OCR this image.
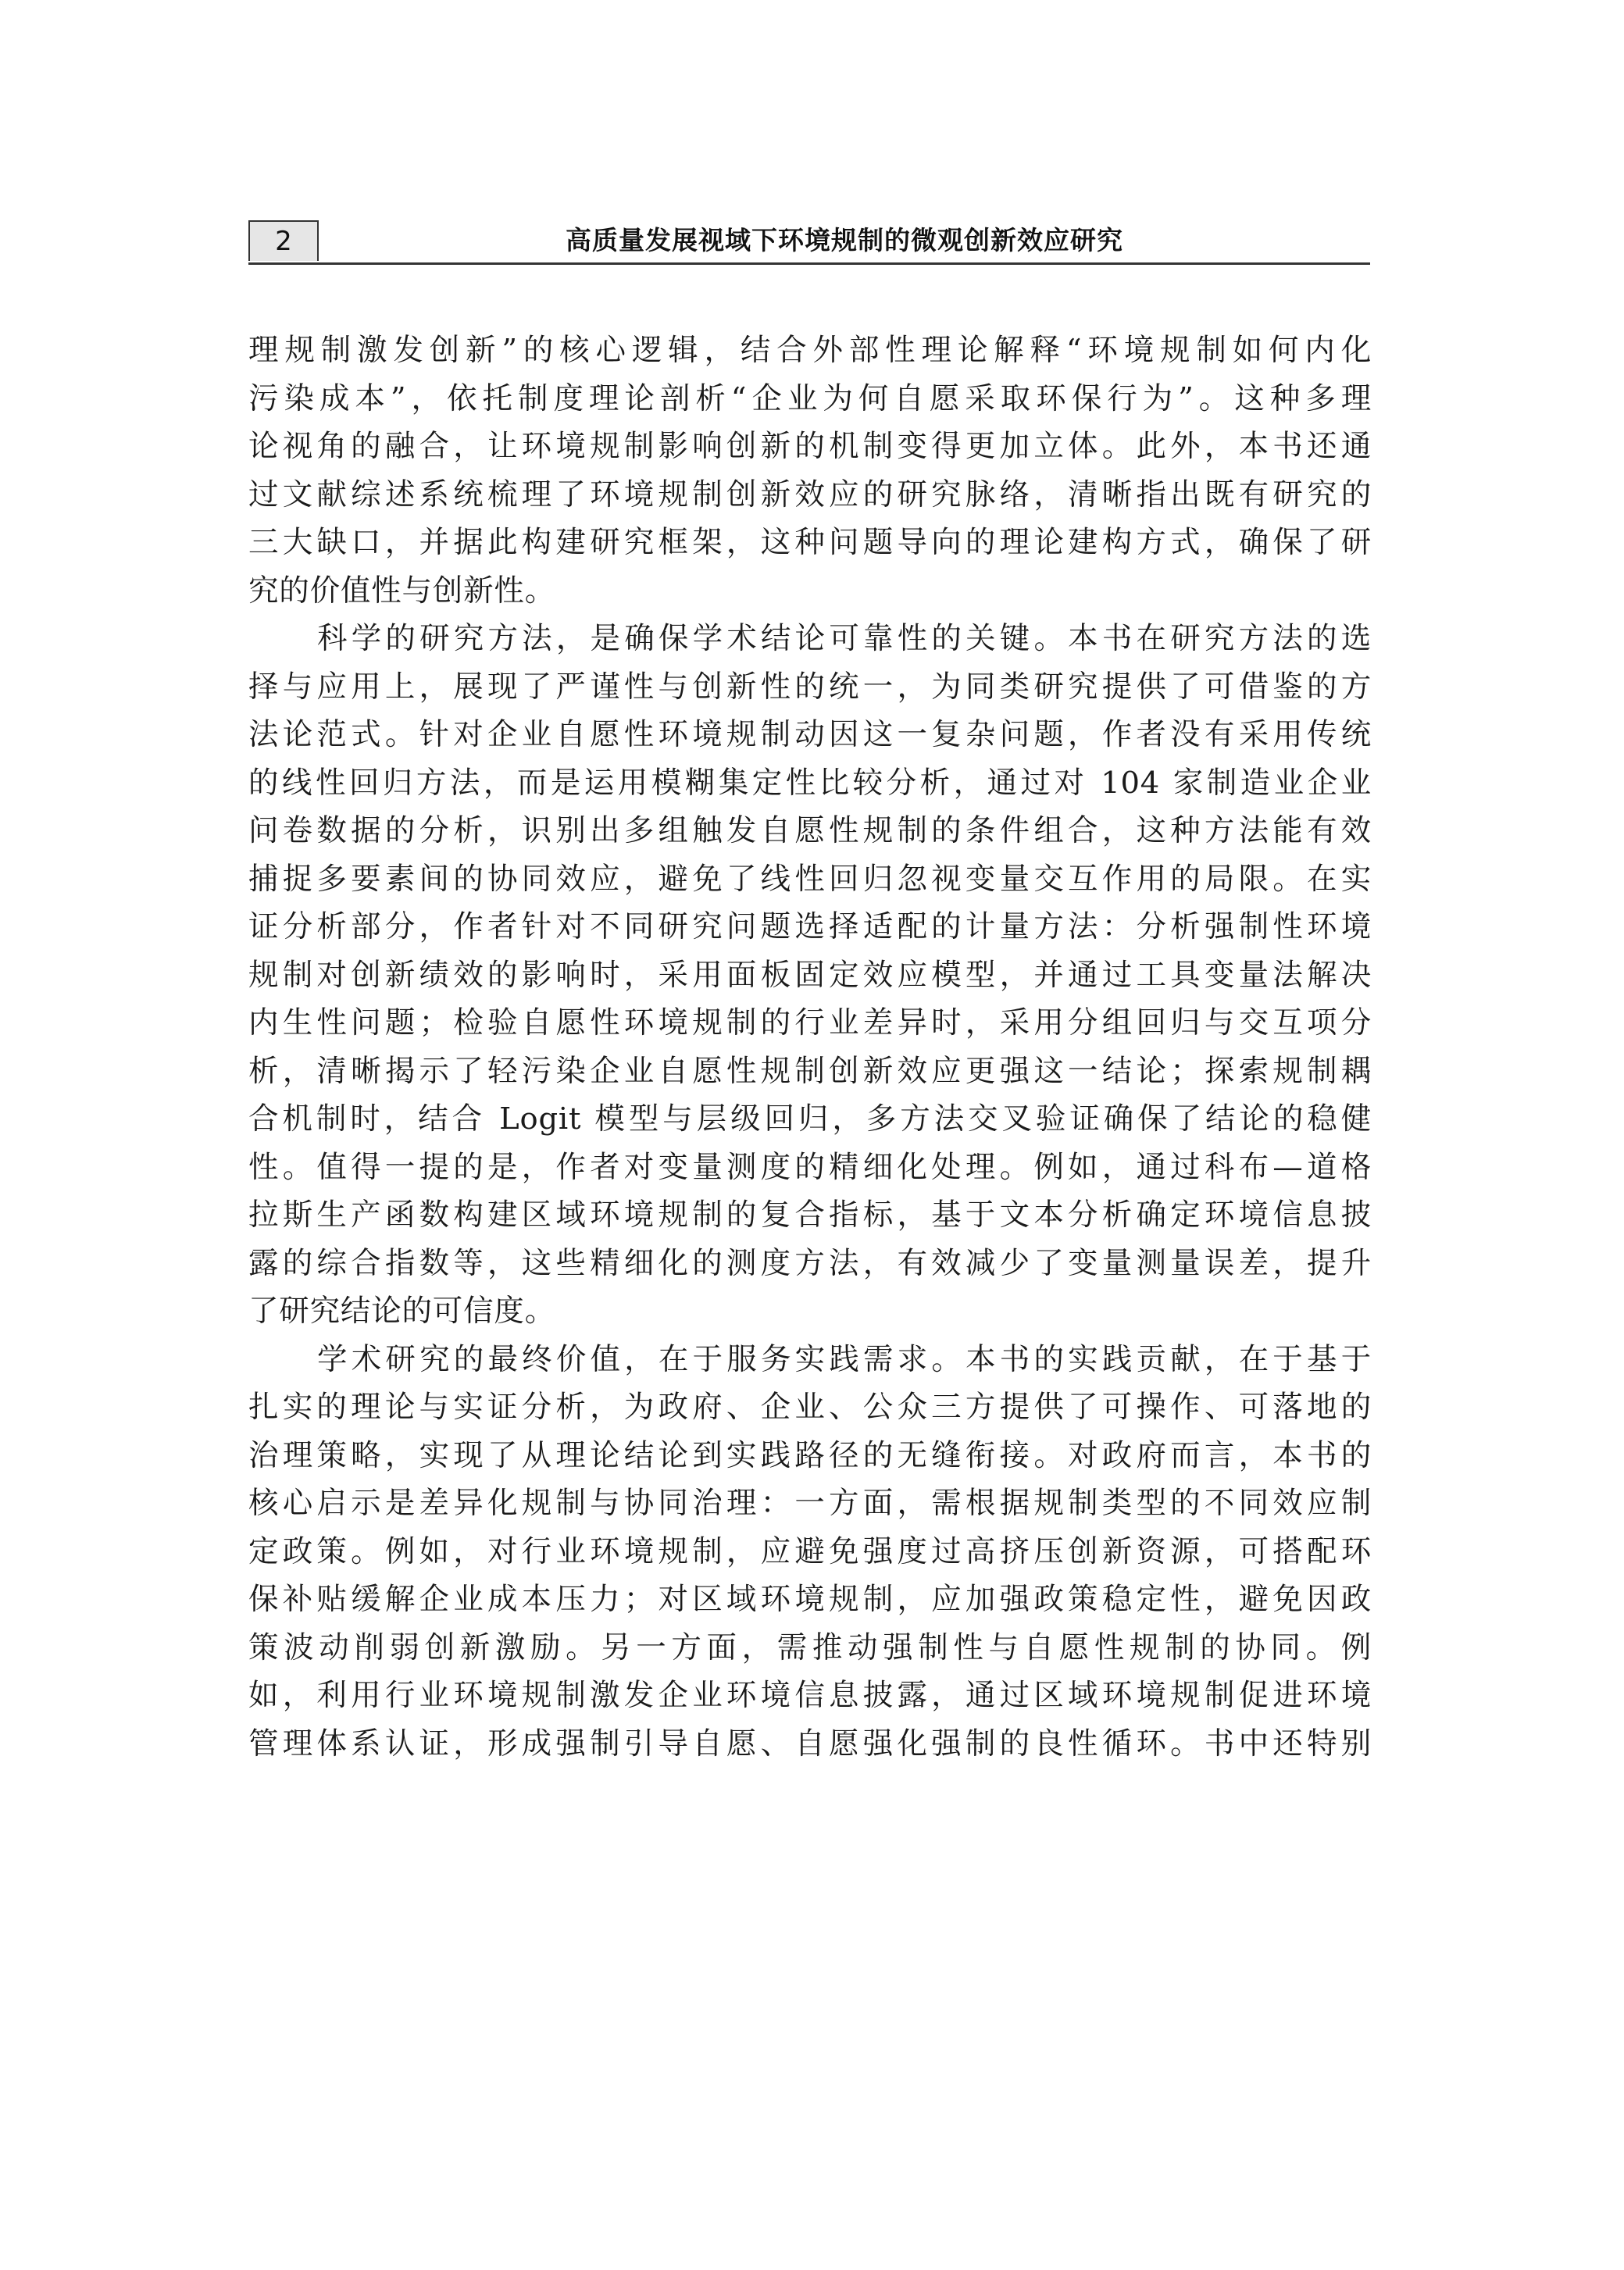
2	高质量发展视域下环境规制的微观创新效应研究
理规制激发创新”的核心逻辑，结合外部性理论解释“环境规制如何内化
污染成本”，依托制度理论剖析“企业为何自愿采取环保行为”。这种多理
论视角的融合，让环境规制影响创新的机制变得更加立体。此外，本书还通
过文献综述系统梳理了环境规制创新效应的研究脉络，清晰指出既有研究的
三大缺口，并据此构建研究框架，这种问题导向的理论建构方式，确保了研
究的价值性与创新性。
科学的研究方法，是确保学术结论可靠性的关键。本书在研究方法的选
择与应用上，展现了严谨性与创新性的统一，为同类研究提供了可借鉴的方
法论范式。针对企业自愿性环境规制动因这一复杂问题，作者没有采用传统
的线性回归方法，而是运用模糊集定性比较分析，通过对 104 家制造业企业
问卷数据的分析，识别出多组触发自愿性规制的条件组合，这种方法能有效
捕捉多要素间的协同效应，避免了线性回归忽视变量交互作用的局限。在实
证分析部分，作者针对不同研究问题选择适配的计量方法：分析强制性环境
规制对创新绩效的影响时，采用面板固定效应模型，并通过工具变量法解决
内生性问题；检验自愿性环境规制的行业差异时，采用分组回归与交互项分
析，清晰揭示了轻污染企业自愿性规制创新效应更强这一结论；探索规制耦
合机制时，结合 Logit 模型与层级回归，多方法交叉验证确保了结论的稳健
性。值得一提的是，作者对变量测度的精细化处理。例如，通过科布—道格
拉斯生产函数构建区域环境规制的复合指标，基于文本分析确定环境信息披
露的综合指数等，这些精细化的测度方法，有效减少了变量测量误差，提升
了研究结论的可信度。
学术研究的最终价值，在于服务实践需求。本书的实践贡献，在于基于
扎实的理论与实证分析，为政府、企业、公众三方提供了可操作、可落地的
治理策略，实现了从理论结论到实践路径的无缝衔接。对政府而言，本书的
核心启示是差异化规制与协同治理：一方面，需根据规制类型的不同效应制
定政策。例如，对行业环境规制，应避免强度过高挤压创新资源，可搭配环
保补贴缓解企业成本压力；对区域环境规制，应加强政策稳定性，避免因政
策波动削弱创新激励。另一方面，需推动强制性与自愿性规制的协同。例
如，利用行业环境规制激发企业环境信息披露，通过区域环境规制促进环境
管理体系认证，形成强制引导自愿、自愿强化强制的良性循环。书中还特别
